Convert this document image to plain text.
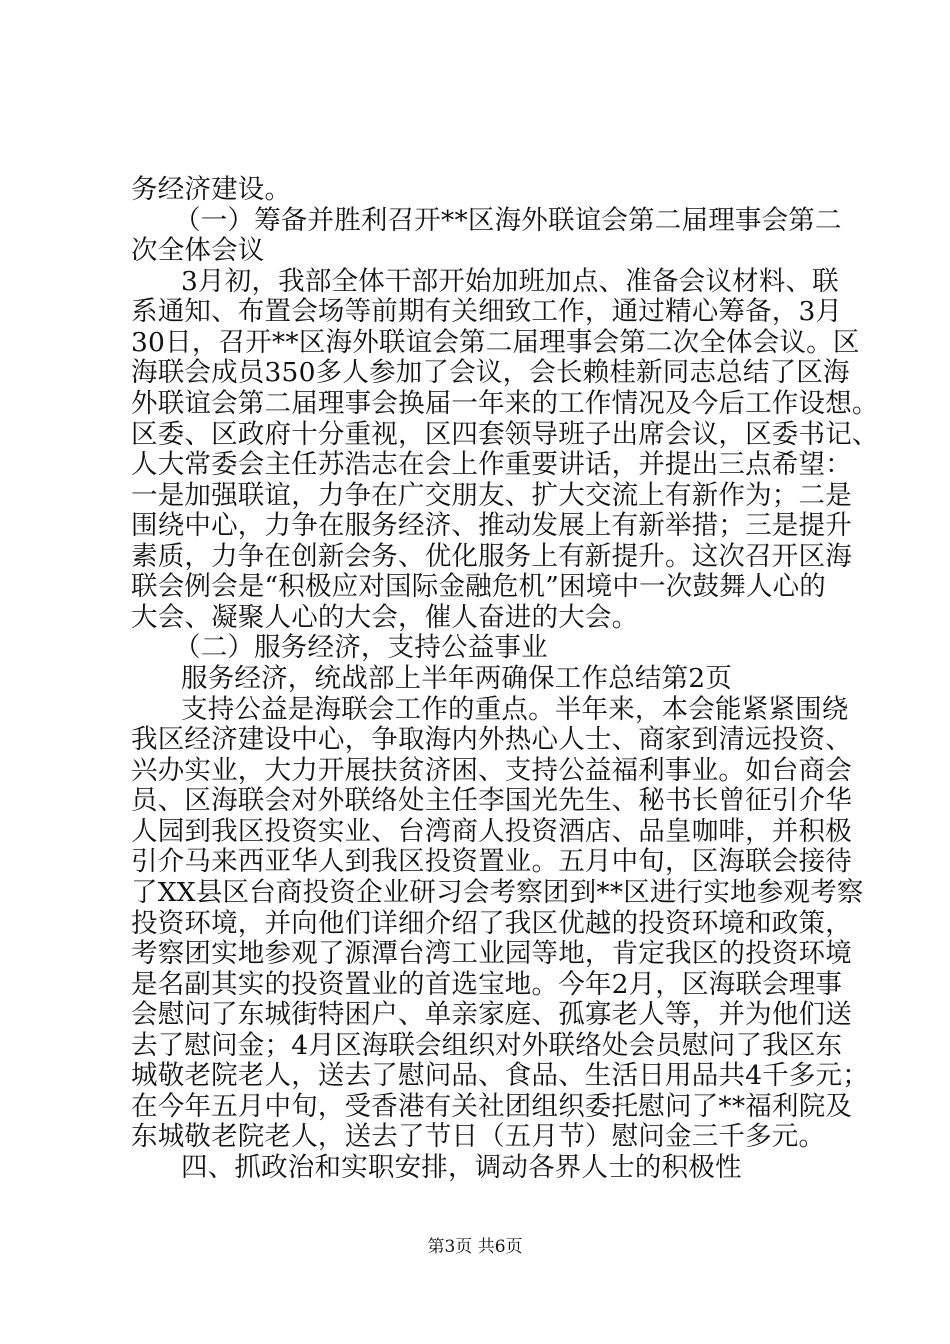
务经济建设。
（一）筹备并胜利召开**区海外联谊会第二届理事会第二
次全体会议
3月初，我部全体干部开始加班加点、准备会议材料、联
系通知、布置会场等前期有关细致工作，通过精心筹备，3月
30日，召开**区海外联谊会第二届理事会第二次全体会议。区
海联会成员350多人参加了会议，会长赖桂新同志总结了区海
外联谊会第二届理事会换届一年来的工作情况及今后工作设想。
区委、区政府十分重视，区四套领导班子出席会议，区委书记、
人大常委会主任苏浩志在会上作重要讲话，并提出三点希望：
一是加强联谊，力争在广交朋友、扩大交流上有新作为；二是
围绕中心，力争在服务经济、推动发展上有新举措；三是提升
素质，力争在创新会务、优化服务上有新提升。这次召开区海
联会例会是“积极应对国际金融危机”困境中一次鼓舞人心的
大会、凝聚人心的大会，催人奋进的大会。
（二）服务经济，支持公益事业
服务经济，统战部上半年两确保工作总结第2页
支持公益是海联会工作的重点。半年来，本会能紧紧围绕
我区经济建设中心，争取海内外热心人士、商家到清远投资、
兴办实业，大力开展扶贫济困、支持公益福利事业。如台商会
员、区海联会对外联络处主任李国光先生、秘书长曾征引介华
人园到我区投资实业、台湾商人投资酒店、品皇咖啡，并积极
引介马来西亚华人到我区投资置业。五月中旬，区海联会接待
了XX县区台商投资企业研习会考察团到**区进行实地参观考察
投资环境，并向他们详细介绍了我区优越的投资环境和政策，
考察团实地参观了源潭台湾工业园等地，肯定我区的投资环境
是名副其实的投资置业的首选宝地。今年2月，区海联会理事
会慰问了东城街特困户、单亲家庭、孤寡老人等，并为他们送
去了慰问金；4月区海联会组织对外联络处会员慰问了我区东
城敬老院老人，送去了慰问品、食品、生活日用品共4千多元；
在今年五月中旬，受香港有关社团组织委托慰问了**福利院及
东城敬老院老人，送去了节日（五月节）慰问金三千多元。
四、抓政治和实职安排，调动各界人士的积极性
第3页 共6页
